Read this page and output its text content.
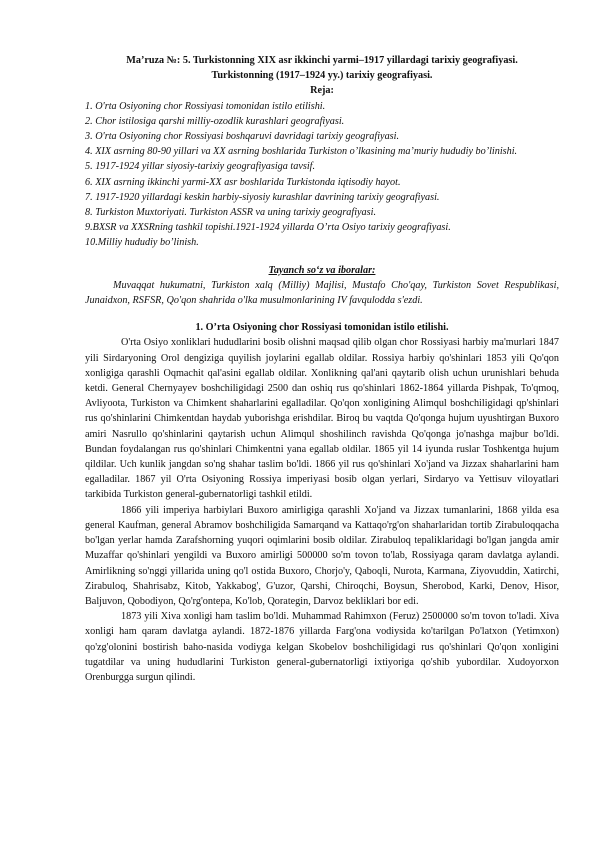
Ma’ruza №: 5. Turkistonning XIX asr ikkinchi yarmi–1917 yillardagi tarixiy geografiyasi.

Turkistonning (1917–1924 yy.) tarixiy geografiyasi.

Reja:

1. O'rta Osiyoning chor Rossiyasi tomonidan istilo etilishi.

2. Chor istilosiga qarshi milliy-ozodlik kurashlari geografiyasi.

3. O'rta Osiyoning chor Rossiyasi boshqaruvi davridagi tarixiy geografiyasi.

4. XIX asrning 80-90 yillari va XX asrning boshlarida Turkiston o’lkasining ma’muriy hududiy bo’linishi.

5. 1917-1924 yillar siyosiy-tarixiy geografiyasiga tavsif.

6. XIX asrning ikkinchi yarmi-XX asr boshlarida Turkistonda iqtisodiy hayot.

7. 1917-1920 yillardagi keskin harbiy-siyosiy kurashlar davrining tarixiy geografiyasi.

8. Turkiston Muxtoriyati. Turkiston ASSR va uning tarixiy geografiyasi.

9.BXSR va XXSRning tashkil topishi.1921-1924 yillarda O’rta Osiyo tarixiy geografiyasi.

10.Milliy hududiy bo’linish.

Tayanch so‘z va iboralar:

Muvaqqat hukumatni, Turkiston xalq (Milliy) Majlisi, Mustafo Cho'qay, Turkiston Sovet Respublikasi, Junaidxon, RSFSR, Qo'qon shahrida o'lka musulmonlarining IV favqulodda s'ezdi.

1. O’rta Osiyoning chor Rossiyasi tomonidan istilo etilishi.

O'rta Osiyo xonliklari hududlarini bosib olishni maqsad qilib olgan chor Rossiyasi harbiy ma'murlari 1847 yili Sirdaryoning Orol dengiziga quyilish joylarini egallab oldilar. Rossiya harbiy qo'shinlari 1853 yili Qo'qon xonligiga qarashli Oqmachit qal'asini egallab oldilar. Xonlikning qal'ani qaytarib olish uchun urunishlari behuda ketdi. General Chernyayev boshchiligidagi 2500 dan oshiq rus qo'shinlari 1862-1864 yillarda Pishpak, To'qmoq, Avliyoota, Turkiston va Chimkent shaharlarini egalladilar. Qo'qon xonligining Alimqul boshchiligidagi qp'shinlari rus qo'shinlarini Chimkentdan haydab yuborishga erishdilar. Biroq bu vaqtda Qo'qonga hujum uyushtirgan Buxoro amiri Nasrullo qo'shinlarini qaytarish uchun Alimqul shoshilinch ravishda Qo'qonga jo'nashga majbur bo'ldi. Bundan foydalangan rus qo'shinlari Chimkentni yana egallab oldilar. 1865 yil 14 iyunda ruslar Toshkentga hujum qildilar. Uch kunlik jangdan so'ng shahar taslim bo'ldi. 1866 yil rus qo'shinlari Xo'jand va Jizzax shaharlarini ham egalladilar. 1867 yil O'rta Osiyoning Rossiya imperiyasi bosib olgan yerlari, Sirdaryo va Yettisuv viloyatlari tarkibida Turkiston general-gubernatorligi tashkil etildi.

1866 yili imperiya harbiylari Buxoro amirligiga qarashli Xo'jand va Jizzax tumanlarini, 1868 yilda esa general Kaufman, general Abramov boshchiligida Samarqand va Kattaqo'rg'on shaharlaridan tortib Zirabuloqqacha bo'lgan yerlar hamda Zarafshorning yuqori oqimlarini bosib oldilar. Zirabuloq tepaliklaridagi bo'lgan jangda amir Muzaffar qo'shinlari yengildi va Buxoro amirligi 500000 so'm tovon to'lab, Rossiyaga qaram davlatga aylandi. Amirlikning so'nggi yillarida uning qo'l ostida Buxoro, Chorjo'y, Qaboqli, Nurota, Karmana, Ziyovuddin, Xatirchi, Zirabuloq, Shahrisabz, Kitob, Yakkabog', G'uzor, Qarshi, Chiroqchi, Boysun, Sherobod, Karki, Denov, Hisor, Baljuvon, Qobodiyon, Qo'rg'ontepa, Ko'lob, Qorategin, Darvoz bekliklari bor edi.

1873 yili Xiva xonligi ham taslim bo'ldi. Muhammad Rahimxon (Feruz) 2500000 so'm tovon to'ladi. Xiva xonligi ham qaram davlatga aylandi. 1872-1876 yillarda Farg'ona vodiysida ko'tarilgan Po'latxon (Yetimxon) qo'zg'olonini bostirish baho-nasida vodiyga kelgan Skobelov boshchiligidagi rus qo'shinlari Qo'qon xonligini tugatdilar va uning hududlarini Turkiston general-gubernatorligi ixtiyoriga qo'shib yubordilar. Xudoyorxon Orenburgga surgun qilindi.
